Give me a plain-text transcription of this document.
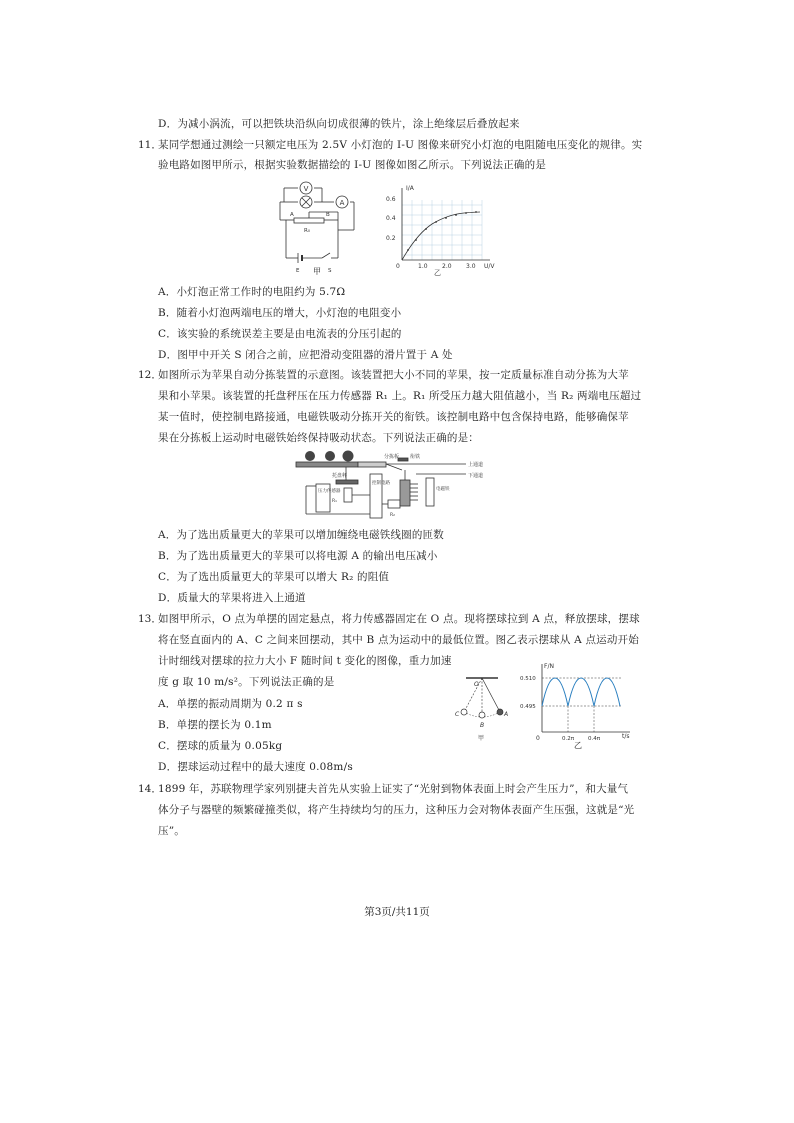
D．为减小涡流，可以把铁块沿纵向切成很薄的铁片，涂上绝缘层后叠放起来
11．
某同学想通过测绘一只额定电压为 2.5V 小灯泡的 I-U 图像来研究小灯泡的电阻随电压变化的规律。实
验电路如图甲所示，根据实验数据描绘的 I-U 图像如图乙所示。下列说法正确的是
V
A
A	B
R₀
E	S
甲
I/A
U/V
0
0.2
0.4
0.6
1.0 2.0 3.0
乙
A．小灯泡正常工作时的电阻约为 5.7Ω
B．随着小灯泡两端电压的增大，小灯泡的电阻变小
C．该实验的系统误差主要是由电流表的分压引起的
D．图甲中开关 S 闭合之前，应把滑动变阻器的滑片置于 A 处
12．
如图所示为苹果自动分拣装置的示意图。该装置把大小不同的苹果，按一定质量标准自动分拣为大苹
果和小苹果。该装置的托盘秤压在压力传感器 R₁ 上。R₁ 所受压力越大阻值越小，当 R₂ 两端电压超过
某一值时，使控制电路接通，电磁铁吸动分拣开关的衔铁。该控制电路中包含保持电路，能够确保苹
果在分拣板上运动时电磁铁始终保持吸动状态。下列说法正确的是：
分拣板 衔铁
上通道
下通道
托盘秤
压力传感器
控制电路
电磁铁
R₁
R₂
A．为了选出质量更大的苹果可以增加缠绕电磁铁线圈的匝数
B．为了选出质量更大的苹果可以将电源 A 的输出电压减小
C．为了选出质量更大的苹果可以增大 R₂ 的阻值
D．质量大的苹果将进入上通道
13．
如图甲所示，O 点为单摆的固定悬点，将力传感器固定在 O 点。现将摆球拉到 A 点，释放摆球，摆球
将在竖直面内的 A、C 之间来回摆动，其中 B 点为运动中的最低位置。图乙表示摆球从 A 点运动开始
计时细线对摆球的拉力大小 F 随时间 t 变化的图像，重力加速
度 g 取 10 m/s²。下列说法正确的是
A．单摆的振动周期为 0.2 π s
B．单摆的摆长为 0.1m
C．摆球的质量为 0.05kg
D．摆球运动过程中的最大速度 0.08m/s
O
A
B
C
甲
F/N
t/s
0
0.510
0.495
0.2π	0.4π
乙
14．
1899 年，苏联物理学家列别捷夫首先从实验上证实了“光射到物体表面上时会产生压力”，和大量气
体分子与器壁的频繁碰撞类似，将产生持续均匀的压力，这种压力会对物体表面产生压强，这就是“光
压”。
第3页/共11页
